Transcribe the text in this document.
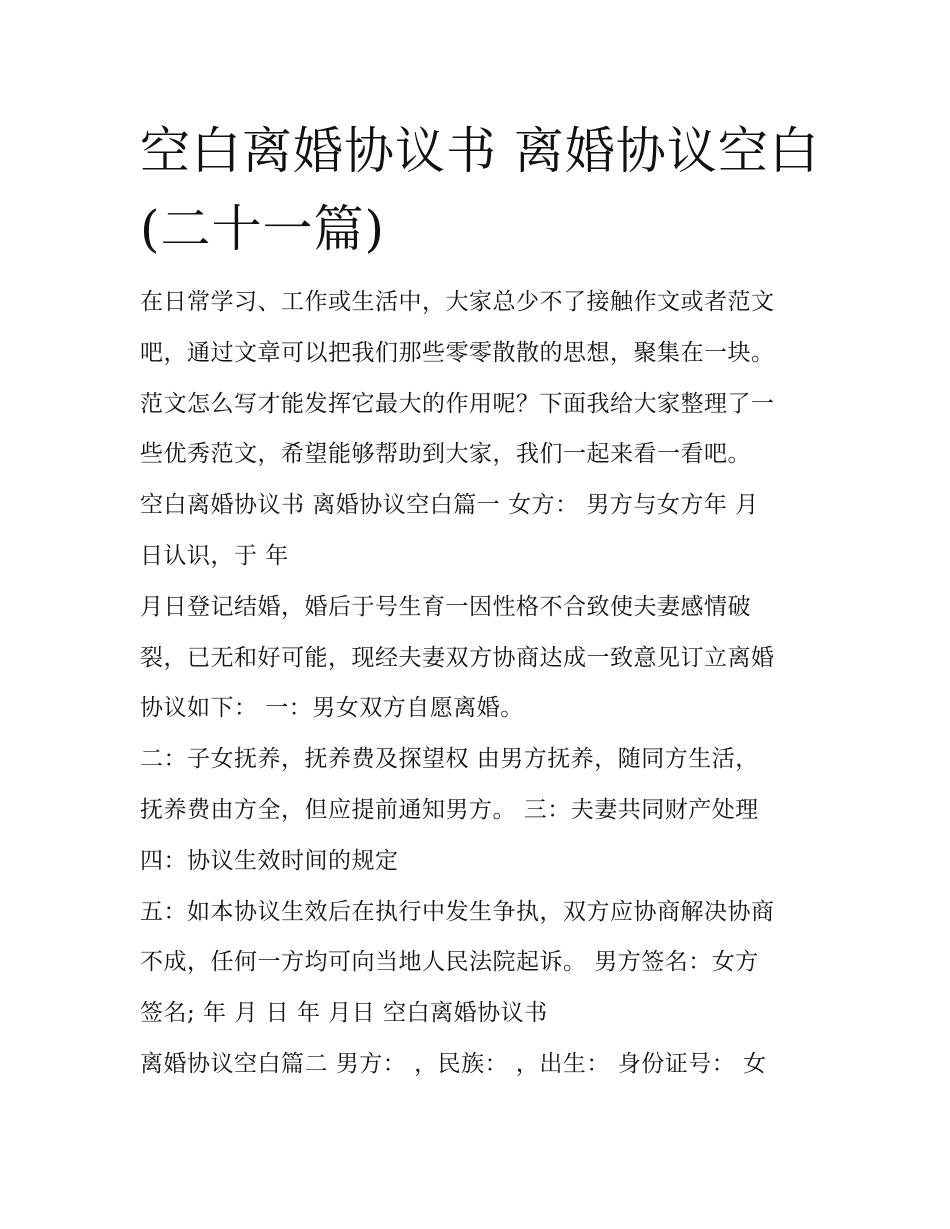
空白离婚协议书 离婚协议空白
(二十一篇)
在日常学习、工作或生活中，大家总少不了接触作文或者范文
吧，通过文章可以把我们那些零零散散的思想，聚集在一块。
范文怎么写才能发挥它最大的作用呢？下面我给大家整理了一
些优秀范文，希望能够帮助到大家，我们一起来看一看吧。
空白离婚协议书 离婚协议空白篇一 女方： 男方与女方年 月
日认识，于 年
月日登记结婚，婚后于号生育一因性格不合致使夫妻感情破
裂，已无和好可能，现经夫妻双方协商达成一致意见订立离婚
协议如下： 一：男女双方自愿离婚。
二：子女抚养，抚养费及探望权 由男方抚养，随同方生活，
抚养费由方全，但应提前通知男方。 三：夫妻共同财产处理
四：协议生效时间的规定
五：如本协议生效后在执行中发生争执，双方应协商解决协商
不成，任何一方均可向当地人民法院起诉。 男方签名：女方
签名; 年 月 日 年 月日 空白离婚协议书
离婚协议空白篇二 男方： ，民族： ，出生： 身份证号： 女
